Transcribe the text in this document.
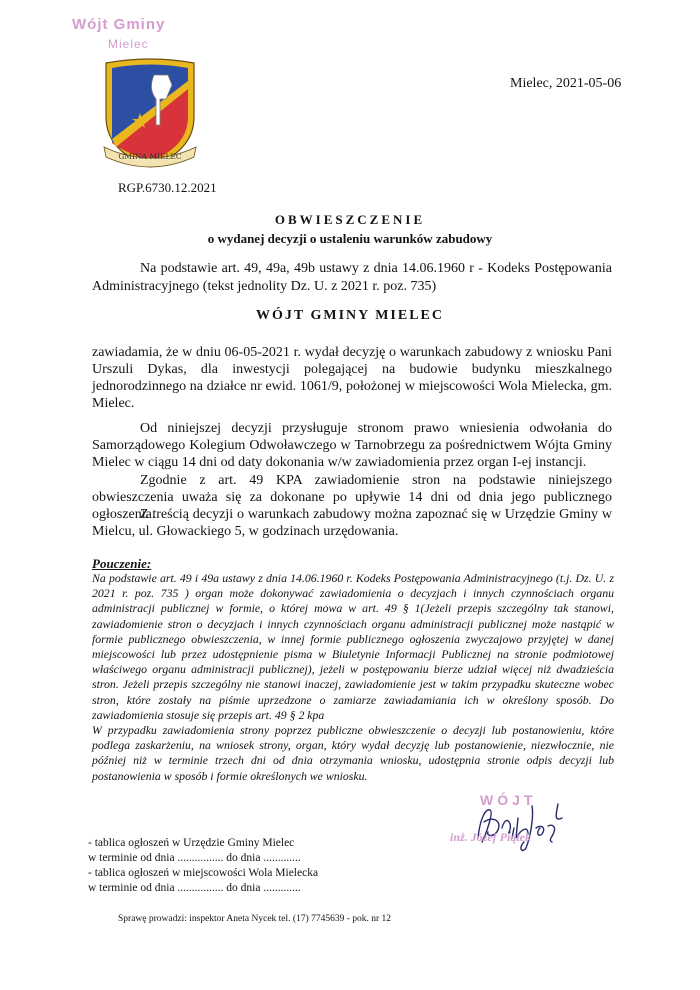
Wójt Gminy
Mielec
GMINA MIELEC
Mielec, 2021-05-06
RGP.6730.12.2021
OBWIESZCZENIE
o wydanej decyzji o ustaleniu warunków zabudowy
Na podstawie art. 49, 49a, 49b ustawy z dnia 14.06.1960 r - Kodeks Postępowania Administracyjnego (tekst jednolity Dz. U. z 2021 r. poz. 735)
WÓJT GMINY MIELEC
zawiadamia, że w dniu 06-05-2021 r. wydał decyzję o warunkach zabudowy z wniosku Pani Urszuli Dykas, dla inwestycji polegającej na budowie budynku mieszkalnego jednorodzinnego na działce nr ewid. 1061/9, położonej w miejscowości Wola Mielecka, gm. Mielec.
Od niniejszej decyzji przysługuje stronom prawo wniesienia odwołania do Samorządowego Kolegium Odwoławczego w Tarnobrzegu za pośrednictwem Wójta Gminy Mielec w ciągu 14 dni od daty dokonania w/w zawiadomienia przez organ I-ej instancji.
Zgodnie z art. 49 KPA zawiadomienie stron na podstawie niniejszego obwieszczenia uważa się za dokonane po upływie 14 dni od dnia jego publicznego ogłoszenia.
Z treścią decyzji o warunkach zabudowy można zapoznać się w Urzędzie Gminy w Mielcu, ul. Głowackiego 5, w godzinach urzędowania.
Pouczenie:

Na podstawie art. 49 i 49a ustawy z dnia 14.06.1960 r. Kodeks Postępowania Administracyjnego (t.j. Dz. U. z 2021 r. poz. 735 ) organ może dokonywać zawiadomienia o decyzjach i innych czynnościach organu administracji publicznej w formie, o której mowa w art. 49 § 1(Jeżeli przepis szczególny tak stanowi, zawiadomienie stron o decyzjach i innych czynnościach organu administracji publicznej może nastąpić w formie publicznego obwieszczenia, w innej formie publicznego ogłoszenia zwyczajowo przyjętej w danej miejscowości lub przez udostępnienie pisma w Biuletynie Informacji Publicznej na stronie podmiotowej właściwego organu administracji publicznej), jeżeli w postępowaniu bierze udział więcej niż dwadzieścia stron. Jeżeli przepis szczególny nie stanowi inaczej, zawiadomienie jest w takim przypadku skuteczne wobec stron, które zostały na piśmie uprzedzone o zamiarze zawiadamiania ich w określony sposób. Do zawiadomienia stosuje się przepis art. 49 § 2 kpa

W przypadku zawiadomienia strony poprzez publiczne obwieszczenie o decyzji lub postanowieniu, które podlega zaskarżeniu, na wniosek strony, organ, który wydał decyzję lub postanowienie, niezwłocznie, nie później niż w terminie trzech dni od dnia otrzymania wniosku, udostępnia stronie odpis decyzji lub postanowienia w sposób i formie określonych we wniosku.

WÓJT
inż. Józef Piątek
- tablica ogłoszeń w Urzędzie Gminy Mielec
w terminie od dnia ................ do dnia .............
- tablica ogłoszeń w miejscowości Wola Mielecka
w terminie od dnia ................ do dnia .............
Sprawę prowadzi: inspektor Aneta Nycek tel. (17) 7745639 - pok. nr 12
